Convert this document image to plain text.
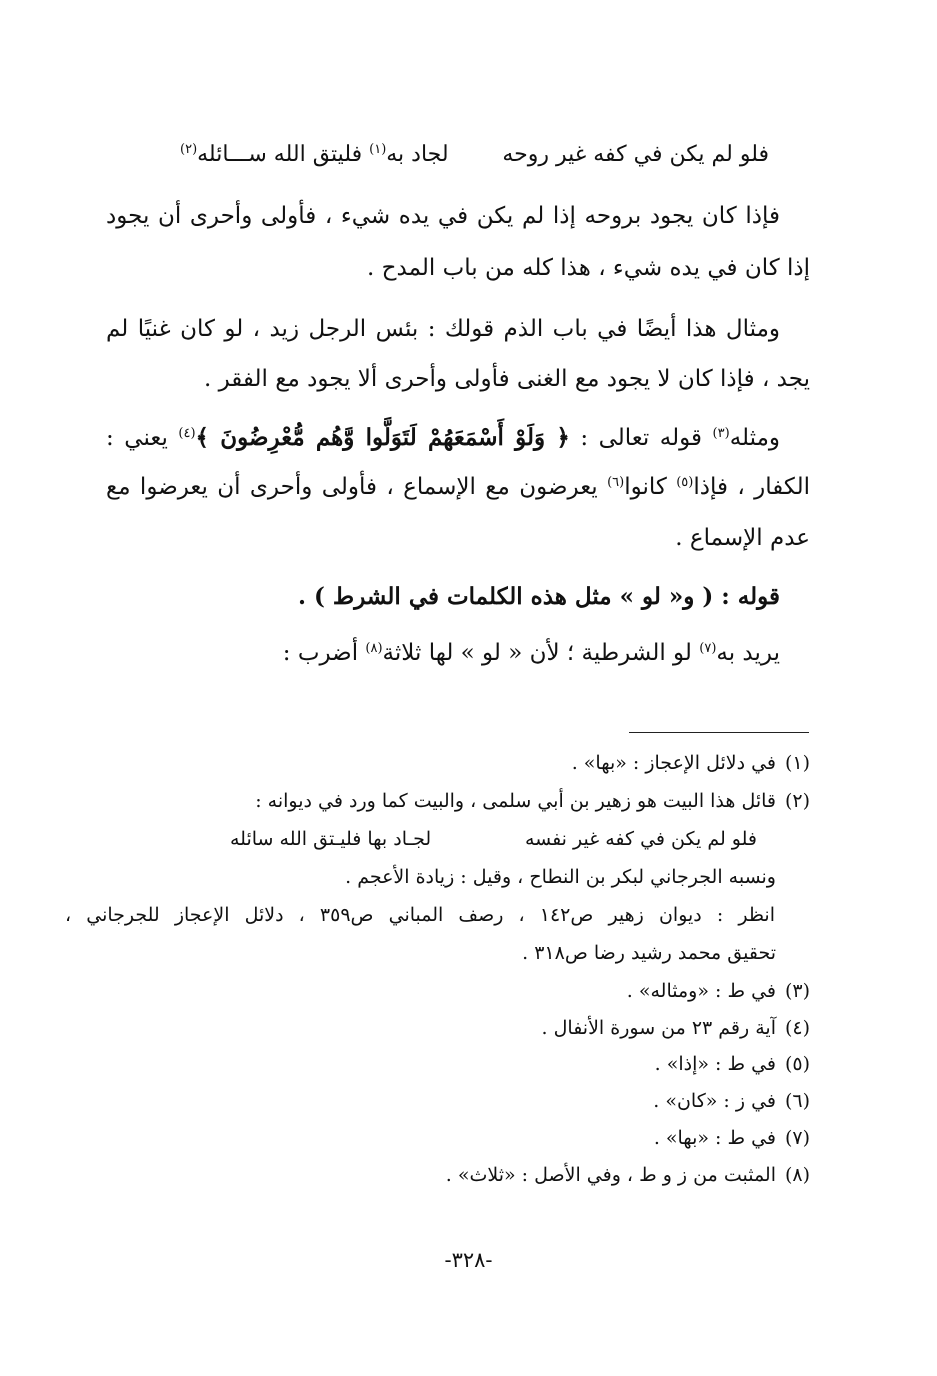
فلو لم يكن في كفه غير روحه
لجاد به$^{(١)}$ فليتق الله ســـائله$^{(٢)}$
فإذا كان يجود بروحه إذا لم يكن في يده شيء ، فأولى وأحرى أن يجود
إذا كان في يده شيء ، هذا كله من باب المدح .
ومثال هذا أيضًا في باب الذم قولك : بئس الرجل زيد ، لو كان غنيًا لم
يجد ، فإذا كان لا يجود مع الغنى فأولى وأحرى ألا يجود مع الفقر .
ومثله$^{(٣)}$ قوله تعالى : ﴿ وَلَوْ أَسْمَعَهُمْ لَتَوَلَّوا وَّهُم مُّعْرِضُونَ ﴾$^{(٤)}$ يعني :
الكفار ، فإذا$^{(٥)}$ كانوا$^{(٦)}$ يعرضون مع الإسماع ، فأولى وأحرى أن يعرضوا مع
عدم الإسماع .
قوله : ( و« لو » مثل هذه الكلمات في الشرط ) .
يريد به$^{(٧)}$ لو الشرطية ؛ لأن « لو » لها ثلاثة$^{(٨)}$ أضرب :
(١)في دلائل الإعجاز : «بها» .
(٢)قائل هذا البيت هو زهير بن أبي سلمى ، والبيت كما ورد في ديوانه :
فلو لم يكن في كفه غير نفسه
لجـاد بها فليـتق الله سائله
ونسبه الجرجاني لبكر بن النطاح ، وقيل : زيادة الأعجم .
انظر : ديوان زهير ص١٤٢ ، رصف المباني ص٣٥٩ ، دلائل الإعجاز للجرجاني ،
تحقيق محمد رشيد رضا ص٣١٨ .
(٣)في ط : «ومثاله» .
(٤)آية رقم ٢٣ من سورة الأنفال .
(٥)في ط : «إذا» .
(٦)في ز : «كان» .
(٧)في ط : «بها» .
(٨)المثبت من ز و ط ، وفي الأصل : «ثلاث» .
-٣٢٨-
